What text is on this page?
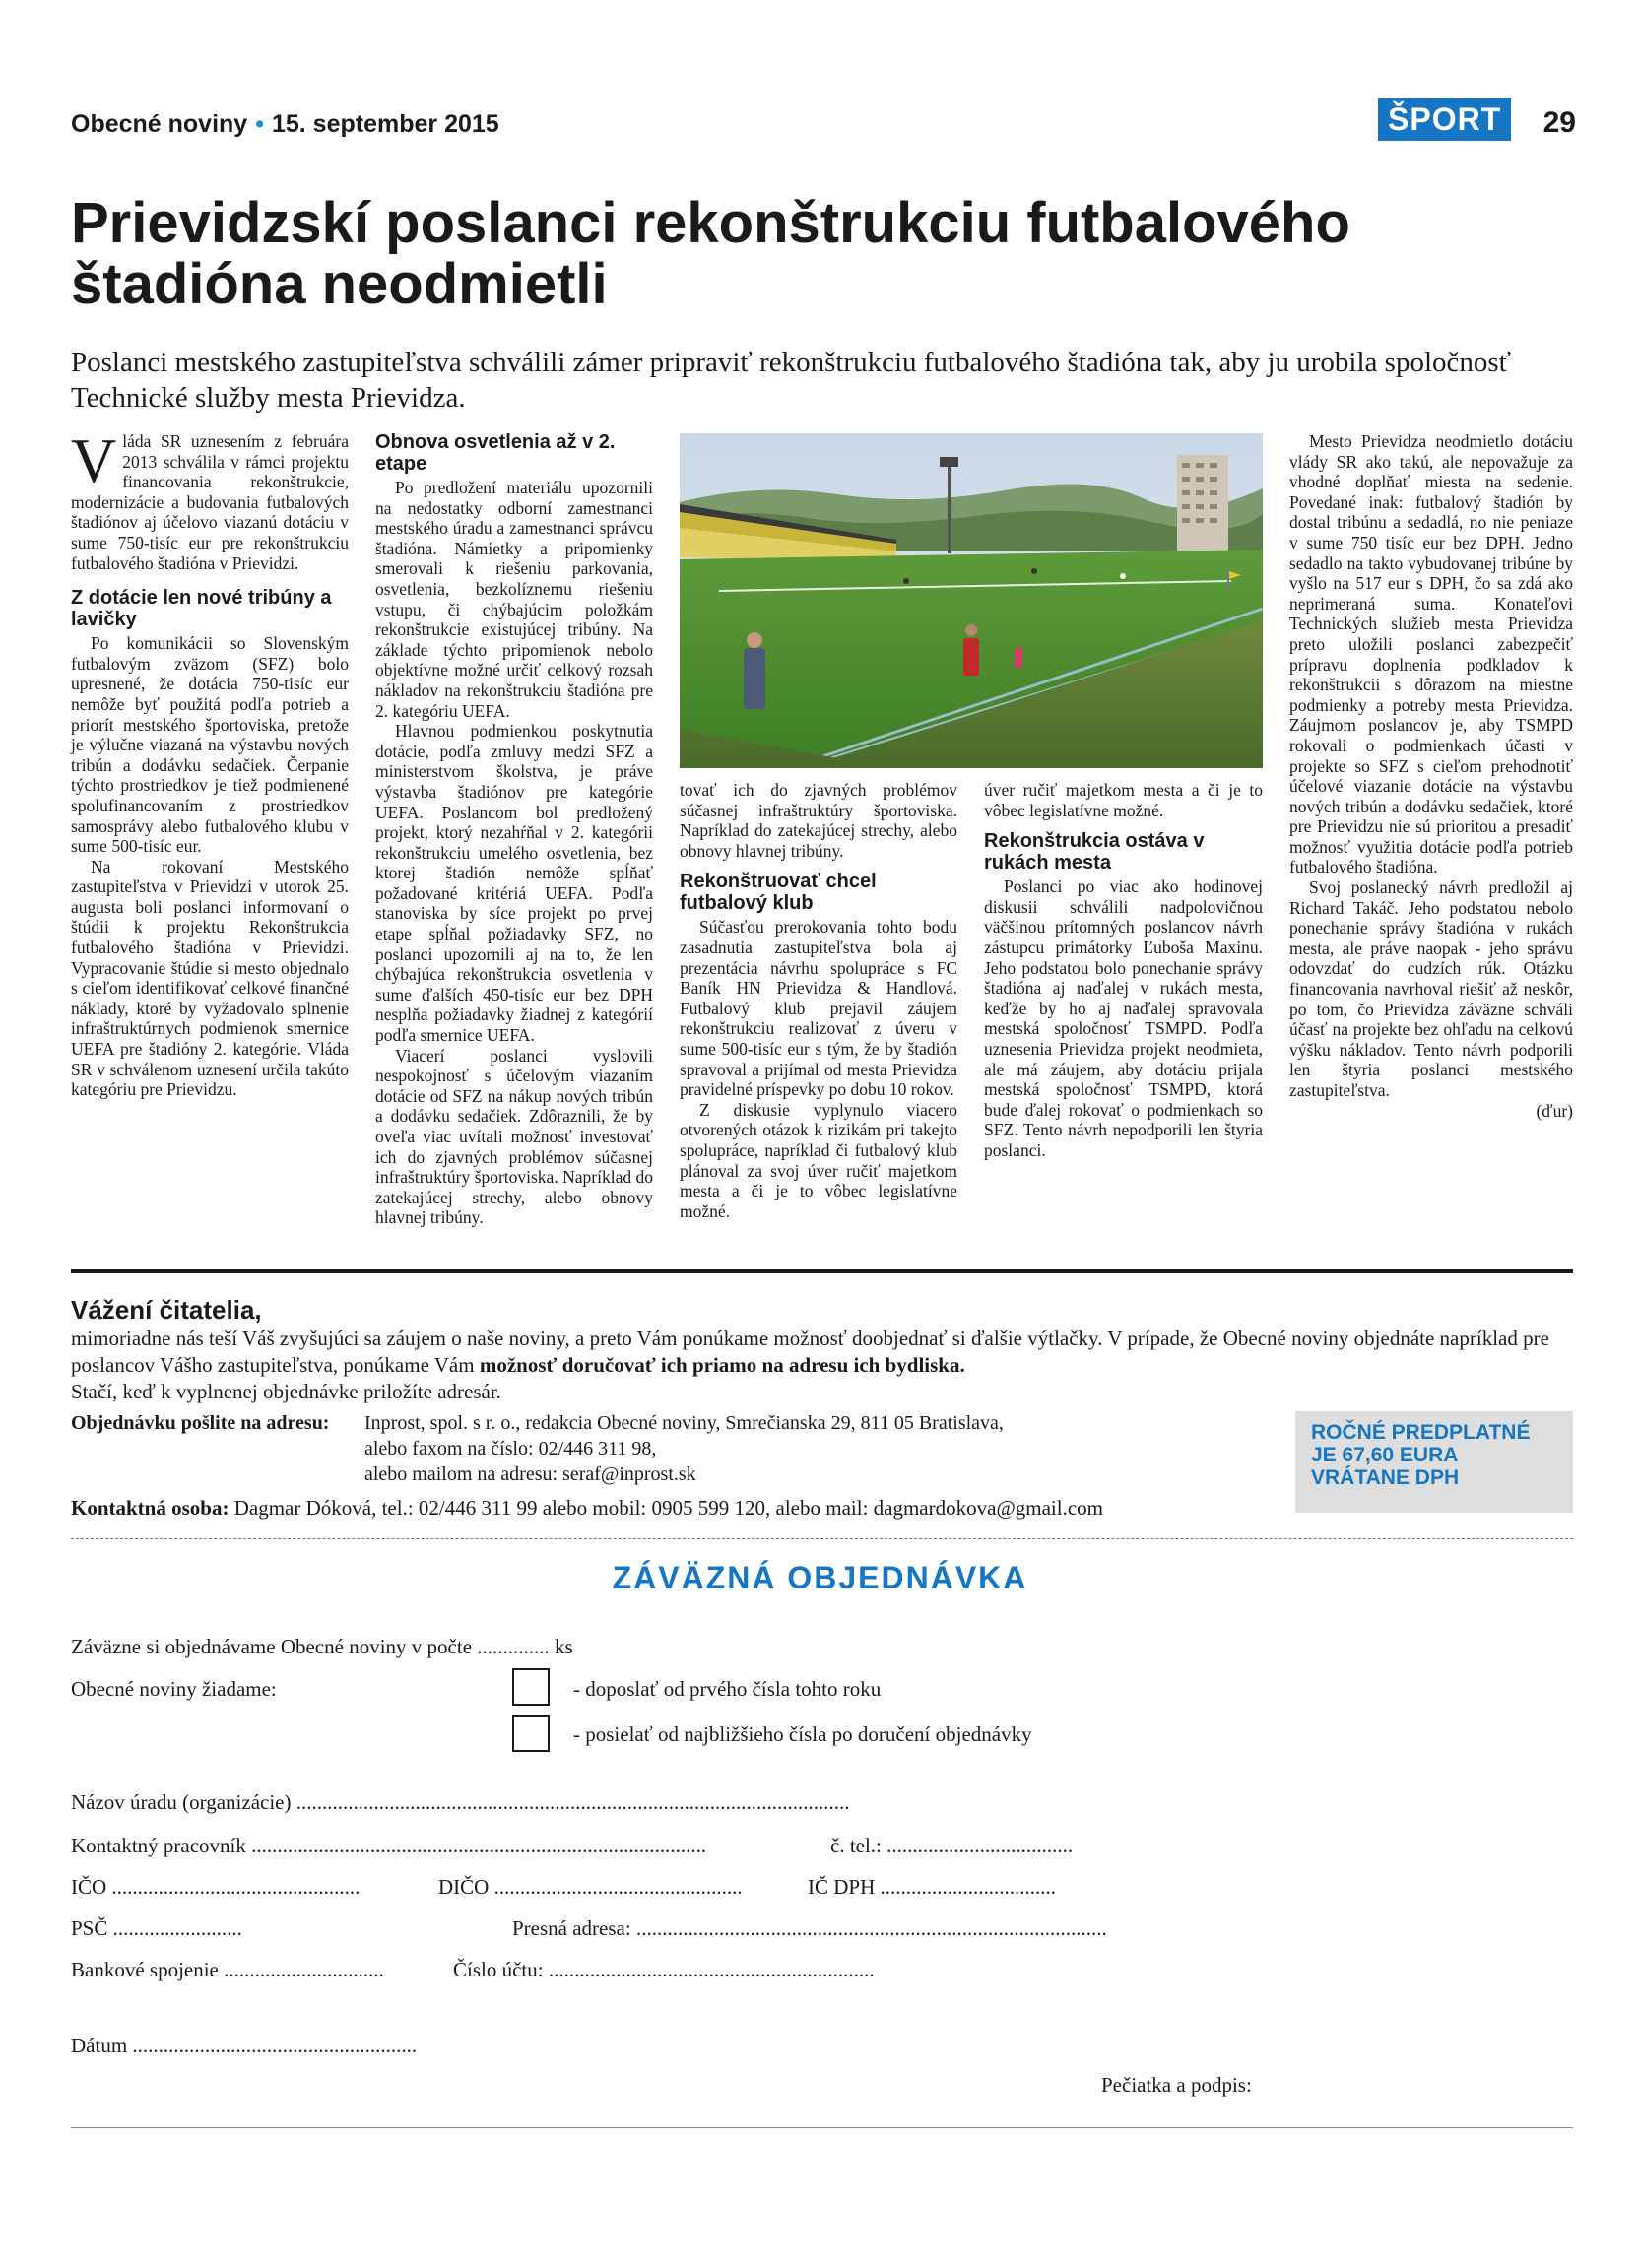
Obecné noviny • 15. september 2015	ŠPORT	29
Prievidzskí poslanci rekonštrukciu futbalového štadióna neodmietli

Poslanci mestského zastupiteľstva schválili zámer pripraviť rekonštrukciu futbalového štadióna tak, aby ju urobila spoločnosť Technické služby mesta Prievidza.

Vláda SR uznesením z februára 2013 schválila v rámci projektu financovania rekonštrukcie, modernizácie a budovania futbalových štadiónov aj účelovo viazanú dotáciu v sume 750-tisíc eur pre rekonštrukciu futbalového štadióna v Prievidzi.

Z dotácie len nové tribúny a lavičky

Po komunikácii so Slovenským futbalovým zväzom (SFZ) bolo upresnené, že dotácia 750-tisíc eur nemôže byť použitá podľa potrieb a priorít mestského športoviska, pretože je výlučne viazaná na výstavbu nových tribún a dodávku sedačiek. Čerpanie týchto prostriedkov je tiež podmienené spolufinancovaním z prostriedkov samosprávy alebo futbalového klubu v sume 500-tisíc eur.

Na rokovaní Mestského zastupiteľstva v Prievidzi v utorok 25. augusta boli poslanci informovaní o štúdii k projektu Rekonštrukcia futbalového štadióna v Prievidzi. Vypracovanie štúdie si mesto objednalo s cieľom identifikovať celkové finančné náklady, ktoré by vyžadovalo splnenie infraštruktúrnych podmienok smernice UEFA pre štadióny 2. kategórie. Vláda SR v schválenom uznesení určila takúto kategóriu pre Prievidzu.

Obnova osvetlenia až v 2. etape

Po predložení materiálu upozornili na nedostatky odborní zamestnanci mestského úradu a zamestnanci správcu štadióna. Námietky a pripomienky smerovali k riešeniu parkovania, osvetlenia, bezkolíznemu riešeniu vstupu, či chýbajúcim položkám rekonštrukcie existujúcej tribúny. Na základe týchto pripomienok nebolo objektívne možné určiť celkový rozsah nákladov na rekonštrukciu štadióna pre 2. kategóriu UEFA.

Hlavnou podmienkou poskytnutia dotácie, podľa zmluvy medzi SFZ a ministerstvom školstva, je práve výstavba štadiónov pre kategórie UEFA. Poslancom bol predložený projekt, ktorý nezahŕňal v 2. kategórii rekonštrukciu umelého osvetlenia, bez ktorej štadión nemôže spĺňať požadované kritériá UEFA. Podľa stanoviska by síce projekt po prvej etape spĺňal požiadavky SFZ, no poslanci upozornili aj na to, že len chýbajúca rekonštrukcia osvetlenia v sume ďalších 450-tisíc eur bez DPH nesplňa požiadavky žiadnej z kategórií podľa smernice UEFA.

Viacerí poslanci vyslovili nespokojnosť s účelovým viazaním dotácie od SFZ na nákup nových tribún a dodávku sedačiek. Zdôraznili, že by oveľa viac uvítali možnosť investovať ich do zjavných problémov súčasnej infraštruktúry športoviska. Napríklad do zatekajúcej strechy, alebo obnovy hlavnej tribúny.

tovať ich do zjavných problémov súčasnej infraštruktúry športoviska. Napríklad do zatekajúcej strechy, alebo obnovy hlavnej tribúny.

Rekonštruovať chcel futbalový klub

Súčasťou prerokovania tohto bodu zasadnutia zastupiteľstva bola aj prezentácia návrhu spolupráce s FC Baník HN Prievidza & Handlová. Futbalový klub prejavil záujem rekonštrukciu realizovať z úveru v sume 500-tisíc eur s tým, že by štadión spravoval a prijímal od mesta Prievidza pravidelné príspevky po dobu 10 rokov.

Z diskusie vyplynulo viacero otvorených otázok k rizikám pri takejto spolupráce, napríklad či futbalový klub plánoval za svoj úver ručiť majetkom mesta a či je to vôbec legislatívne možné.

úver ručiť majetkom mesta a či je to vôbec legislatívne možné.

Rekonštrukcia ostáva v rukách mesta

Poslanci po viac ako hodinovej diskusii schválili nadpolovičnou väčšinou prítomných poslancov návrh zástupcu primátorky Ľuboša Maxinu. Jeho podstatou bolo ponechanie správy štadióna aj naďalej v rukách mesta, keďže by ho aj naďalej spravovala mestská spoločnosť TSMPD. Podľa uznesenia Prievidza projekt neodmieta, ale má záujem, aby dotáciu prijala mestská spoločnosť TSMPD, ktorá bude ďalej rokovať o podmienkach so SFZ. Tento návrh nepodporili len štyria poslanci.

Mesto Prievidza neodmietlo dotáciu vlády SR ako takú, ale nepovažuje za vhodné doplňať miesta na sedenie. Povedané inak: futbalový štadión by dostal tribúnu a sedadlá, no nie peniaze v sume 750 tisíc eur bez DPH. Jedno sedadlo na takto vybudovanej tribúne by vyšlo na 517 eur s DPH, čo sa zdá ako neprimeraná suma. Konateľovi Technických služieb mesta Prievidza preto uložili poslanci zabezpečiť prípravu doplnenia podkladov k rekonštrukcii s dôrazom na miestne podmienky a potreby mesta Prievidza. Záujmom poslancov je, aby TSMPD rokovali o podmienkach účasti v projekte so SFZ s cieľom prehodnotiť účelové viazanie dotácie na výstavbu nových tribún a dodávku sedačiek, ktoré pre Prievidzu nie sú prioritou a presadiť možnosť využitia dotácie podľa potrieb futbalového štadióna.

Svoj poslanecký návrh predložil aj Richard Takáč. Jeho podstatou nebolo ponechanie správy štadióna v rukách mesta, ale práve naopak - jeho správu odovzdať do cudzích rúk. Otázku financovania navrhoval riešiť až neskôr, po tom, čo Prievidza záväzne schváli účasť na projekte bez ohľadu na celkovú výšku nákladov. Tento návrh podporili len štyria poslanci mestského zastupiteľstva.

(ďur)

Vážení čitatelia,
mimoriadne nás teší Váš zvyšujúci sa záujem o naše noviny, a preto Vám ponúkame možnosť doobjednať si ďalšie výtlačky. V prípade, že Obecné noviny objednáte napríklad pre poslancov Vášho zastupiteľstva, ponúkame Vám možnosť doručovať ich priamo na adresu ich bydliska.
Stačí, keď k vyplnenej objednávke priložíte adresár.
Objednávku pošlite na adresu: Inprost, spol. s r. o., redakcia Obecné noviny, Smrečianska 29, 811 05 Bratislava,
alebo faxom na číslo: 02/446 311 98,
alebo mailom na adresu: seraf@inprost.sk
ROČNÉ PREDPLATNÉ
JE 67,60 EURA
VRÁTANE DPH
Kontaktná osoba: Dagmar Dóková, tel.: 02/446 311 99 alebo mobil: 0905 599 120, alebo mail: dagmardokova@gmail.com
ZÁVÄZNÁ OBJEDNÁVKA
Záväzne si objednávame Obecné noviny v počte .............. ks
Obecné noviny žiadame:	- doposlať od prvého čísla tohto roku
- posielať od najbližšieho čísla po doručení objednávky
Názov úradu (organizácie) ...........................................................................................................
Kontaktný pracovník ........................................................................................	č. tel.: ....................................
IČO ................................................	DIČO ................................................	IČ DPH ..................................
PSČ .........................	Presná adresa: ...........................................................................................
Bankové spojenie ...............................	Číslo účtu: ...............................................................
Dátum .......................................................
Pečiatka a podpis:
